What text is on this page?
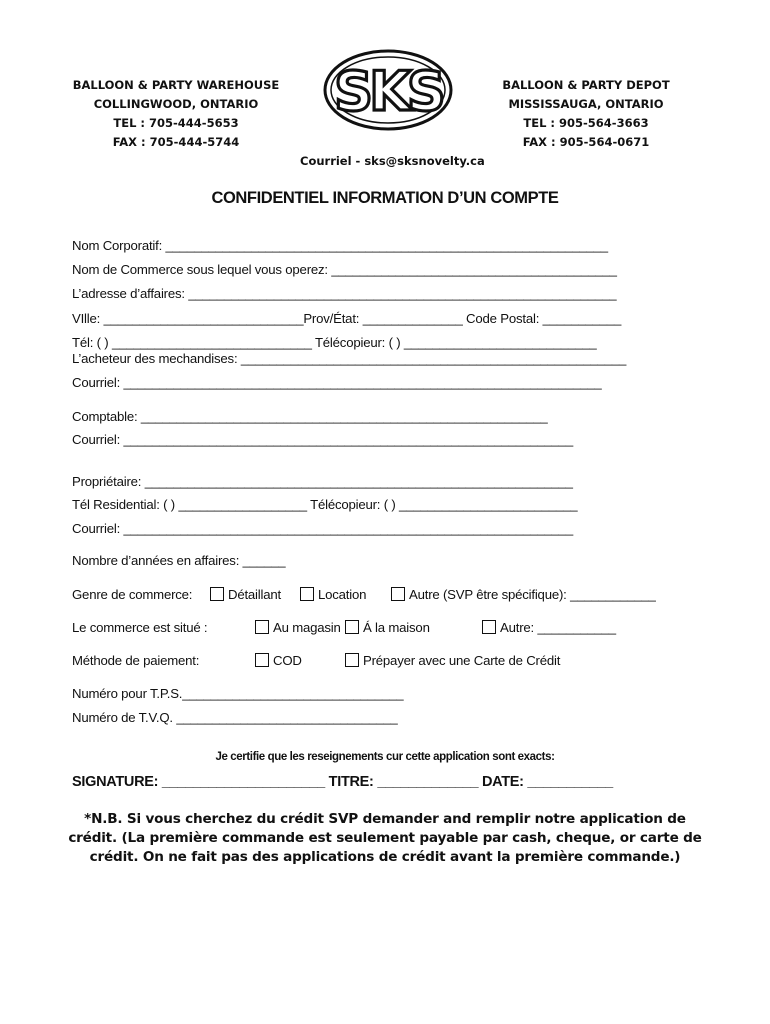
BALLOON & PARTY WAREHOUSE
COLLINGWOOD, ONTARIO
TEL : 705-444-5653
FAX : 705-444-5744
SKS	BALLOON & PARTY DEPOT
MISSISSAUGA, ONTARIO
TEL : 905-564-3663
FAX : 905-564-0671
Courriel - sks@sksnovelty.ca
CONFIDENTIEL INFORMATION D’UN COMPTE
Nom Corporatif: ______________________________________________________________
Nom de Commerce sous lequel vous operez: ________________________________________
L’adresse d’affaires: ____________________________________________________________
VIlle: ____________________________Prov/État: ______________ Code Postal: ___________
Tél: ( ) ____________________________ Télécopieur: ( ) ___________________________
L’acheteur des mechandises: ______________________________________________________
Courriel: ___________________________________________________________________
Comptable: _________________________________________________________
Courriel: _______________________________________________________________
Propriétaire: ____________________________________________________________
Tél Residential: ( ) __________________ Télécopieur: ( ) _________________________
Courriel: _______________________________________________________________
Nombre d’années en affaires: ______
Genre de commerce:	Détaillant	Location	Autre (SVP être spécifique): ____________
Le commerce est situé :	Au magasin	Á la maison	Autre: ___________
Méthode de paiement:	COD	Prépayer avec une Carte de Crédit
Numéro pour T.P.S._______________________________
Numéro de T.V.Q. _______________________________
Je certifie que les reseignements cur cette application sont exacts:
SIGNATURE: _____________________ TITRE: _____________ DATE: ___________
*N.B. Si vous cherchez du crédit SVP demander and remplir notre application de
crédit. (La première commande est seulement payable par cash, cheque, or carte de
crédit. On ne fait pas des applications de crédit avant la première commande.)
